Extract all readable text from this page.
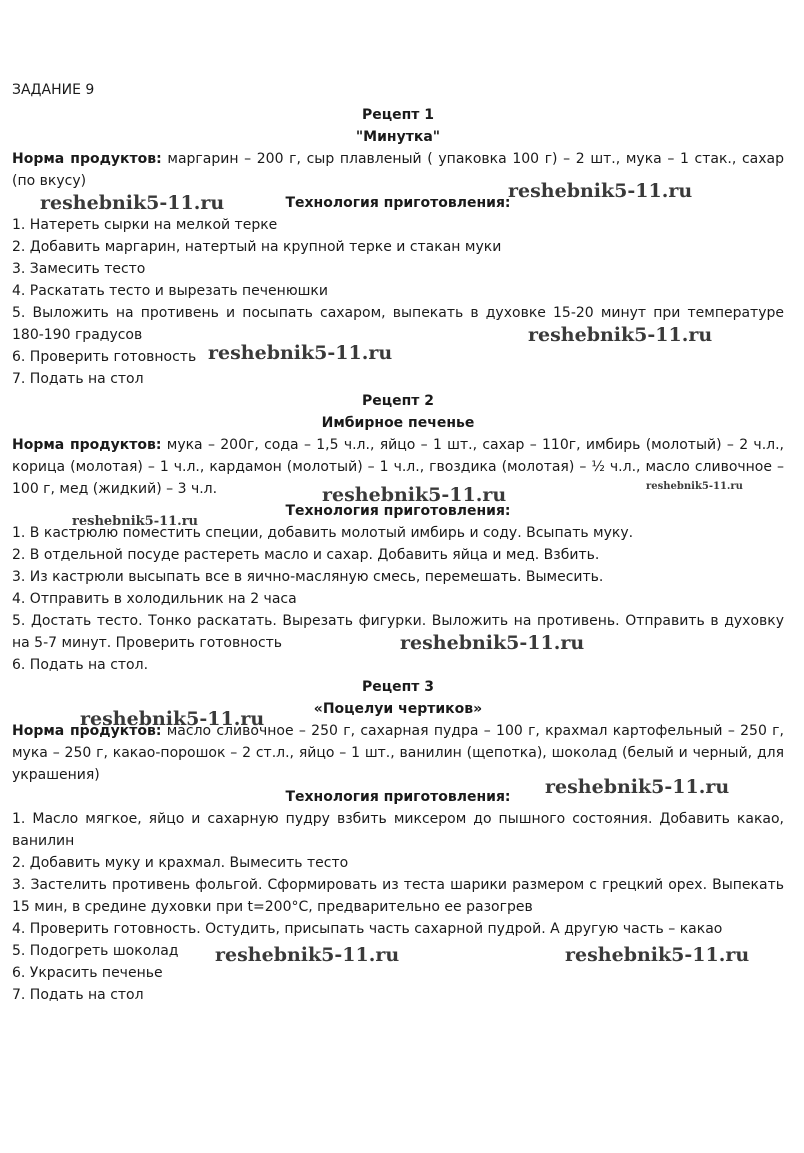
ЗАДАНИЕ 9
Рецепт 1
"Минутка"

Норма продуктов: маргарин – 200 г, сыр плавленый ( упаковка 100 г) – 2 шт., мука – 1 стак., сахар (по вкусу)

Технология приготовления:

1. Натереть сырки на мелкой терке
2. Добавить маргарин, натертый на крупной терке и стакан муки
3. Замесить тесто
4. Раскатать тесто и вырезать печенюшки
5. Выложить на противень и посыпать сахаром, выпекать в духовке 15-20 минут при температуре 180-190 градусов
6. Проверить готовность
7. Подать на стол
Рецепт 2
Имбирное печенье

Норма продуктов: мука – 200г, сода – 1,5 ч.л., яйцо – 1 шт., сахар – 110г, имбирь (молотый) – 2 ч.л., корица (молотая) – 1 ч.л., кардамон (молотый) – 1 ч.л., гвоздика (молотая) – ½ ч.л., масло сливочное – 100 г, мед (жидкий) – 3 ч.л.

Технология приготовления:

1. В кастрюлю поместить специи, добавить молотый имбирь и соду. Всыпать муку.
2. В отдельной посуде растереть масло и сахар. Добавить яйца и мед. Взбить.
3. Из кастрюли высыпать все в яично-масляную смесь, перемешать. Вымесить.
4. Отправить в холодильник на 2 часа
5. Достать тесто. Тонко раскатать. Вырезать фигурки. Выложить на противень. Отправить в духовку на 5-7 минут. Проверить готовность
6. Подать на стол.
Рецепт 3
«Поцелуи чертиков»

Норма продуктов: масло сливочное – 250 г, сахарная пудра – 100 г, крахмал картофельный – 250 г, мука – 250 г, какао-порошок – 2 ст.л., яйцо – 1 шт., ванилин (щепотка), шоколад (белый и черный, для украшения)

Технология приготовления:

1. Масло мягкое, яйцо и сахарную пудру взбить миксером до пышного состояния. Добавить какао, ванилин
2. Добавить муку и крахмал. Вымесить тесто
3. Застелить противень фольгой. Сформировать из теста шарики размером с грецкий орех. Выпекать 15 мин, в средине духовки при t=200°С, предварительно ее разогрев
4. Проверить готовность. Остудить, присыпать часть сахарной пудрой. А другую часть – какао
5. Подогреть шоколад
6. Украсить печенье
7. Подать на стол
reshebnik5-11.ru
reshebnik5-11.ru
reshebnik5-11.ru
reshebnik5-11.ru
reshebnik5-11.ru	reshebnik5-11.ru
reshebnik5-11.ru
reshebnik5-11.ru
reshebnik5-11.ru
reshebnik5-11.ru
reshebnik5-11.ru	reshebnik5-11.ru
